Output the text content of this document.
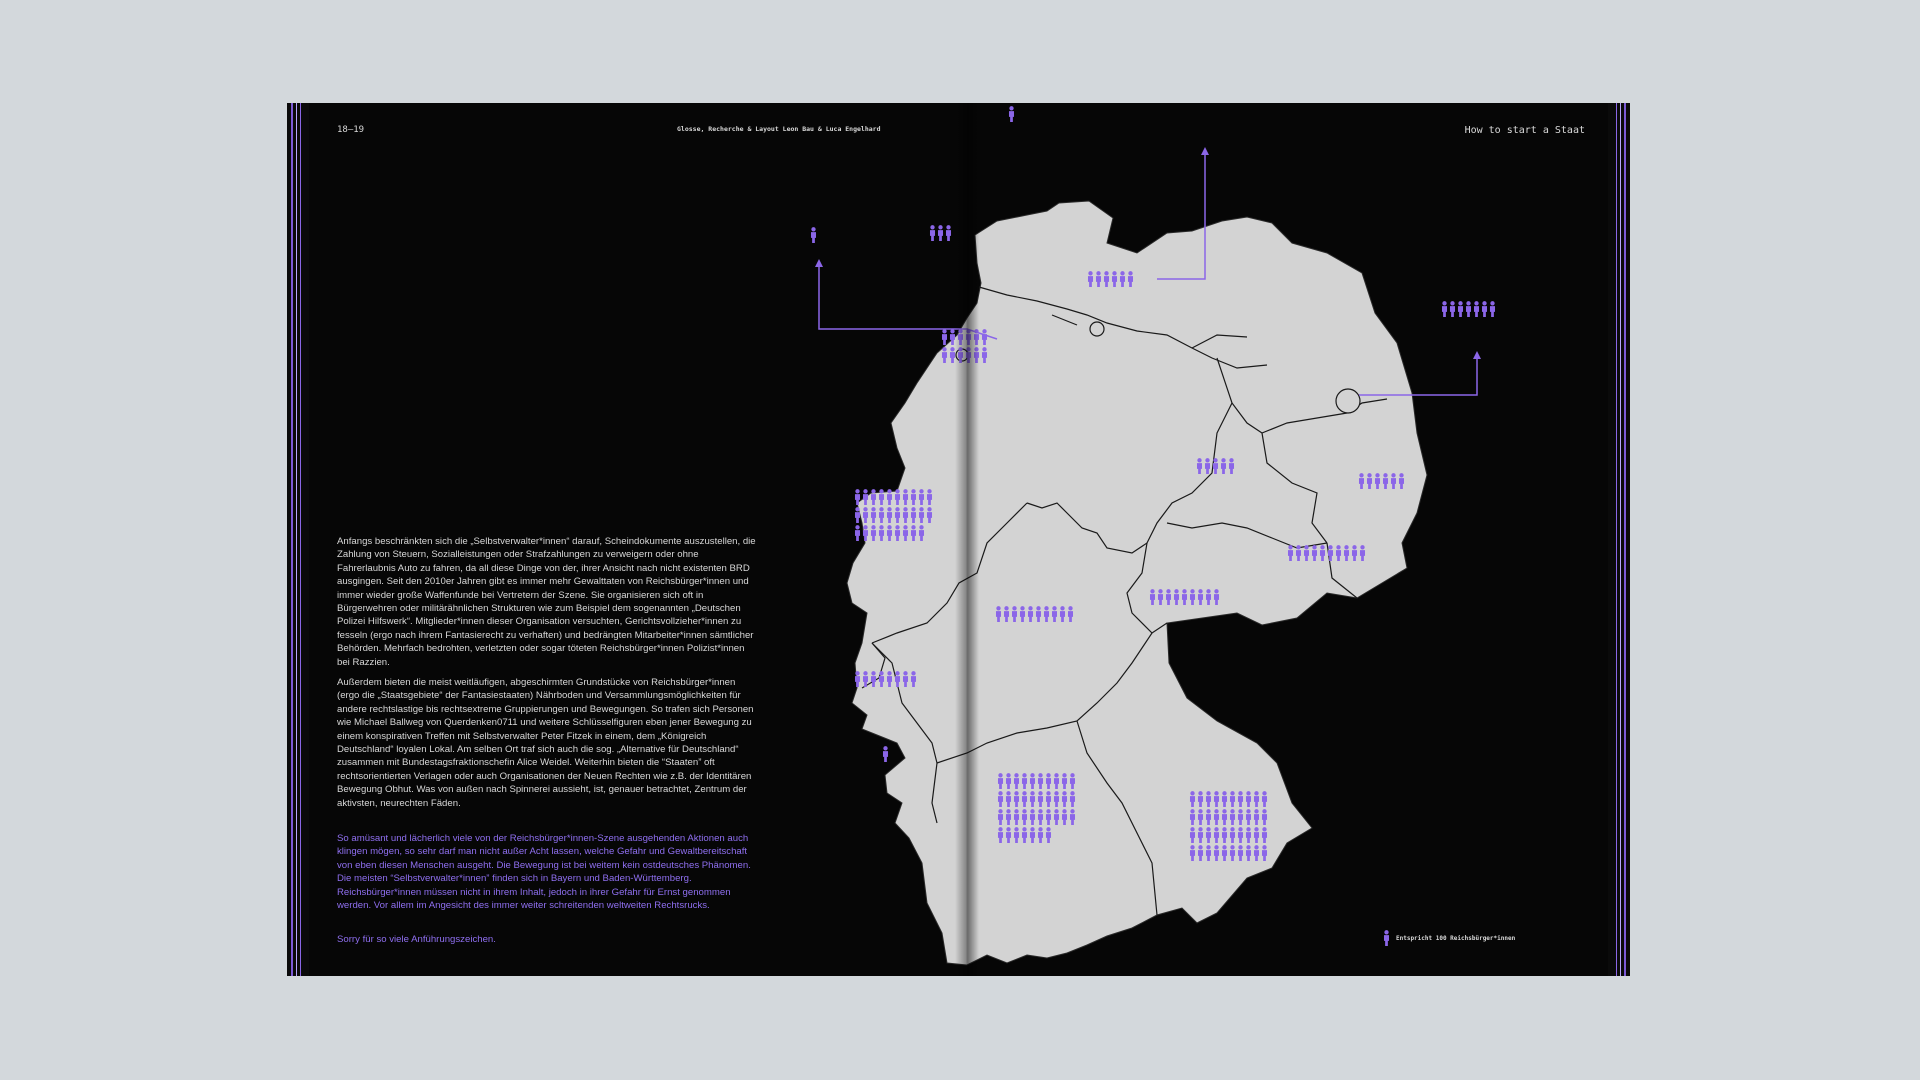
18–19	Glosse, Recherche & Layout Leon Bau & Luca Engelhard	How to start a Staat

Anfangs beschränkten sich die „Selbstverwalter*innen“ darauf, Scheindokumente auszustellen, die Zahlung von Steuern, Sozialleistungen oder Strafzahlungen zu verweigern oder ohne Fahrerlaubnis Auto zu fahren, da all diese Dinge von der, ihrer Ansicht nach nicht existenten BRD ausgingen. Seit den 2010er Jahren gibt es immer mehr Gewalttaten von Reichsbürger*innen und immer wieder große Waffenfunde bei Vertretern der Szene. Sie organisieren sich oft in Bürgerwehren oder militärähnlichen Strukturen wie zum Beispiel dem sogenannten „Deutschen Polizei Hilfswerk“. Mitglieder*innen dieser Organisation versuchten, Gerichtsvollzieher*innen zu fesseln (ergo nach ihrem Fantasierecht zu verhaften) und bedrängten Mitarbeiter*innen sämtlicher Behörden. Mehrfach bedrohten, verletzten oder sogar töteten Reichsbürger*innen Polizist*innen bei Razzien.

Außerdem bieten die meist weitläufigen, abgeschirmten Grundstücke von Reichsbürger*innen (ergo die „Staatsgebiete“ der Fantasiestaaten) Nährboden und Versammlungsmöglichkeiten für andere rechtslastige bis rechtsextreme Gruppierungen und Bewegungen. So trafen sich Personen wie Michael Ballweg von Querdenken0711 und weitere Schlüsselfiguren eben jener Bewegung zu einem konspirativen Treffen mit Selbstverwalter Peter Fitzek in einem, dem „Königreich Deutschland“ loyalen Lokal. Am selben Ort traf sich auch die sog. „Alternative für Deutschland“ zusammen mit Bundestagsfraktionschefin Alice Weidel. Weiterhin bieten die “Staaten” oft rechtsorientierten Verlagen oder auch Organisationen der Neuen Rechten wie z.B. der Identitären Bewegung Obhut. Was von außen nach Spinnerei aussieht, ist, genauer betrachtet, Zentrum der aktivsten, neurechten Fäden.

So amüsant und lächerlich viele von der Reichsbürger*innen-Szene ausgehenden Aktionen auch klingen mögen, so sehr darf man nicht außer Acht lassen, welche Gefahr und Gewaltbereitschaft von eben diesen Menschen ausgeht. Die Bewegung ist bei weitem kein ostdeutsches Phänomen. Die meisten “Selbstverwalter*innen” finden sich in Bayern und Baden-Württemberg. Reichsbürger*innen müssen nicht in ihrem Inhalt, jedoch in ihrer Gefahr für Ernst genommen werden. Vor allem im Angesicht des immer weiter schreitenden weltweiten Rechtsrucks.

Sorry für so viele Anführungszeichen.	Entspricht 100 Reichsbürger*innen
